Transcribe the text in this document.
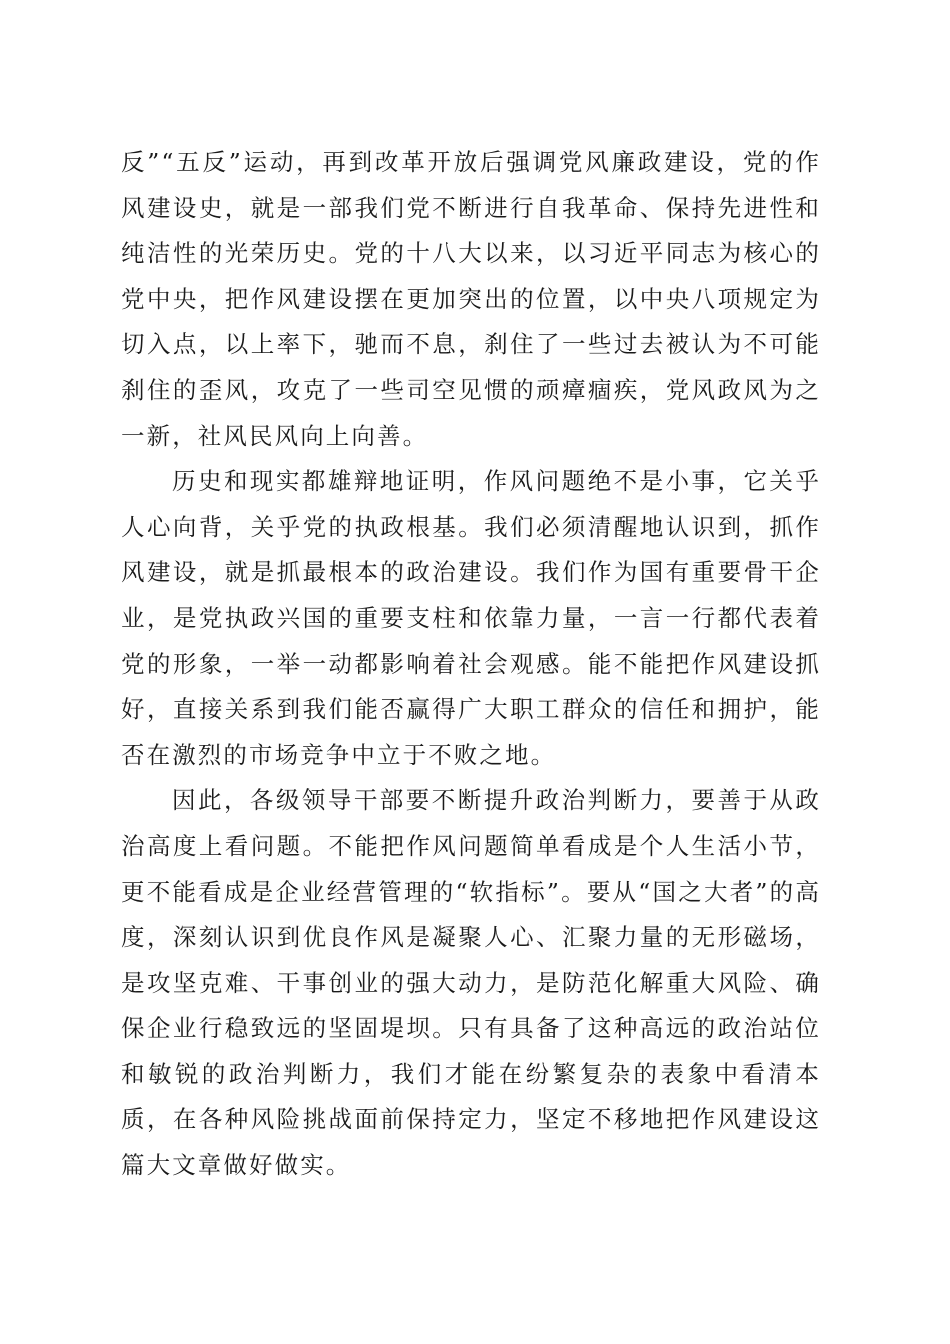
反”“五反”运动，再到改革开放后强调党风廉政建设，党的作风建设史，就是一部我们党不断进行自我革命、保持先进性和纯洁性的光荣历史。党的十八大以来，以习近平同志为核心的党中央，把作风建设摆在更加突出的位置，以中央八项规定为切入点，以上率下，驰而不息，刹住了一些过去被认为不可能刹住的歪风，攻克了一些司空见惯的顽瘴痼疾，党风政风为之一新，社风民风向上向善。

历史和现实都雄辩地证明，作风问题绝不是小事，它关乎人心向背，关乎党的执政根基。我们必须清醒地认识到，抓作风建设，就是抓最根本的政治建设。我们作为国有重要骨干企业，是党执政兴国的重要支柱和依靠力量，一言一行都代表着党的形象，一举一动都影响着社会观感。能不能把作风建设抓好，直接关系到我们能否赢得广大职工群众的信任和拥护，能否在激烈的市场竞争中立于不败之地。

因此，各级领导干部要不断提升政治判断力，要善于从政治高度上看问题。不能把作风问题简单看成是个人生活小节，更不能看成是企业经营管理的“软指标”。要从“国之大者”的高度，深刻认识到优良作风是凝聚人心、汇聚力量的无形磁场，是攻坚克难、干事创业的强大动力，是防范化解重大风险、确保企业行稳致远的坚固堤坝。只有具备了这种高远的政治站位和敏锐的政治判断力，我们才能在纷繁复杂的表象中看清本质，在各种风险挑战面前保持定力，坚定不移地把作风建设这篇大文章做好做实。
